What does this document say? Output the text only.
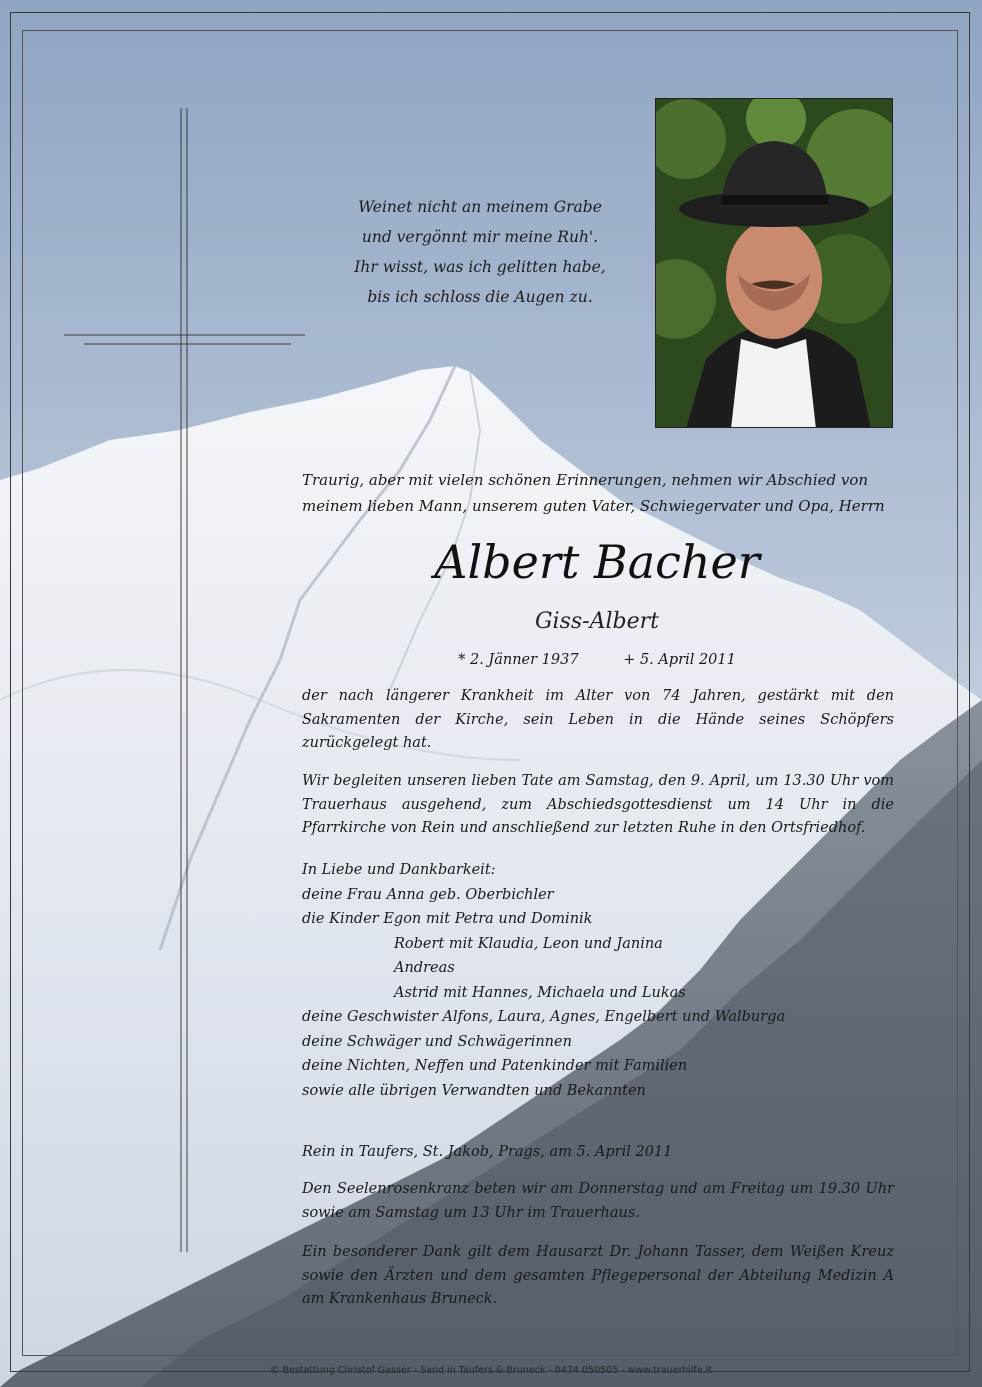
Weinet nicht an meinem Grabe
und vergönnt mir meine Ruh'.
Ihr wisst, was ich gelitten habe,
bis ich schloss die Augen zu.
Traurig, aber mit vielen schönen Erinnerungen, nehmen wir Abschied von
meinem lieben Mann, unserem guten Vater, Schwiegervater und Opa, Herrn
Albert Bacher
Giss-Albert
* 2. Jänner 1937	+ 5. April 2011
der nach längerer Krankheit im Alter von 74 Jahren, gestärkt mit den Sakramenten der Kirche, sein Leben in die Hände seines Schöpfers zurückgelegt hat.
Wir begleiten unseren lieben Tate am Samstag, den 9. April, um 13.30 Uhr vom Trauerhaus ausgehend, zum Abschiedsgottesdienst um 14 Uhr in die Pfarrkirche von Rein und anschließend zur letzten Ruhe in den Ortsfriedhof.
In Liebe und Dankbarkeit:
deine Frau Anna geb. Oberbichler
die Kinder Egon mit Petra und Dominik
Robert mit Klaudia, Leon und Janina
Andreas
Astrid mit Hannes, Michaela und Lukas
deine Geschwister Alfons, Laura, Agnes, Engelbert und Walburga
deine Schwäger und Schwägerinnen
deine Nichten, Neffen und Patenkinder mit Familien
sowie alle übrigen Verwandten und Bekannten
Rein in Taufers, St. Jakob, Prags, am 5. April 2011
Den Seelenrosenkranz beten wir am Donnerstag und am Freitag um 19.30 Uhr sowie am Samstag um 13 Uhr im Trauerhaus.
Ein besonderer Dank gilt dem Hausarzt Dr. Johann Tasser, dem Weißen Kreuz sowie den Ärzten und dem gesamten Pflegepersonal der Abteilung Medizin A am Krankenhaus Bruneck.
© Bestattung Christof Gasser - Sand in Taufers & Bruneck - 0474 050505 - www.trauerhilfe.it
